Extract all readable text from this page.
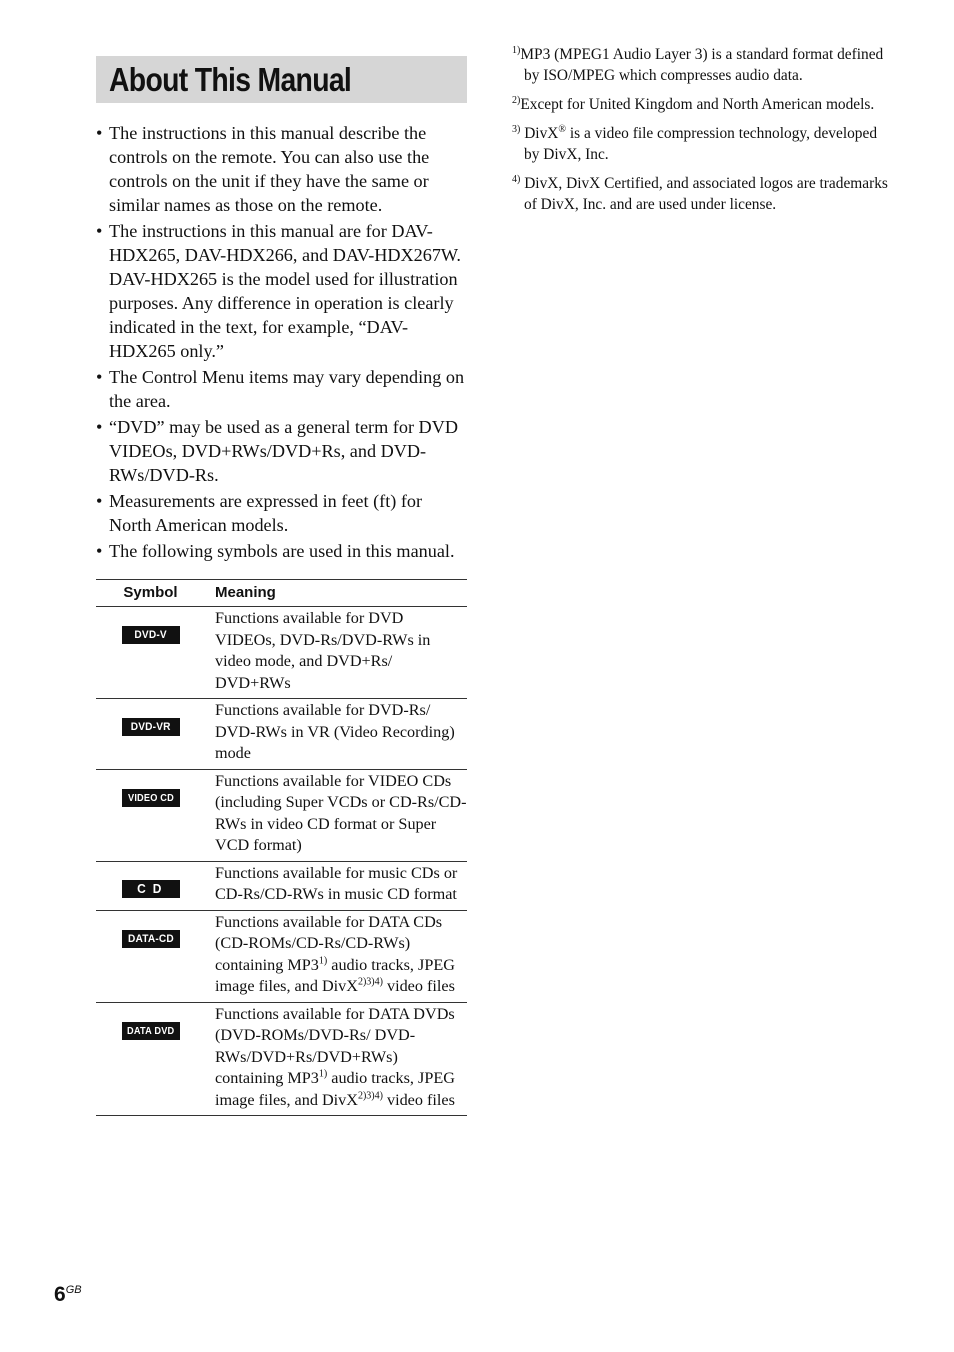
About This Manual
• The instructions in this manual describe the controls on the remote. You can also use the controls on the unit if they have the same or similar names as those on the remote.
• The instructions in this manual are for DAV-HDX265, DAV-HDX266, and DAV-HDX267W. DAV-HDX265 is the model used for illustration purposes. Any difference in operation is clearly indicated in the text, for example, “DAV-HDX265 only.”
• The Control Menu items may vary depending on the area.
• “DVD” may be used as a general term for DVD VIDEOs, DVD+RWs/DVD+Rs, and DVD-RWs/DVD-Rs.
• Measurements are expressed in feet (ft) for North American models.
• The following symbols are used in this manual.
Symbol	Meaning
DVD-V	Functions available for DVD VIDEOs, DVD-Rs/DVD-RWs in video mode, and DVD+Rs/ DVD+RWs
DVD-VR	Functions available for DVD-Rs/ DVD-RWs in VR (Video Recording) mode
VIDEO CD	Functions available for VIDEO CDs (including Super VCDs or CD-Rs/CD-RWs in video CD format or Super VCD format)
C D	Functions available for music CDs or CD-Rs/CD-RWs in music CD format
DATA-CD	Functions available for DATA CDs (CD-ROMs/CD-Rs/CD-RWs) containing MP3$^{1)}$ audio tracks, JPEG image files, and DivX$^{2)3)4)}$ video files
DATA DVD	Functions available for DATA DVDs (DVD-ROMs/DVD-Rs/ DVD-RWs/DVD+Rs/DVD+RWs) containing MP3$^{1)}$ audio tracks, JPEG image files, and DivX$^{2)3)4)}$ video files
$^{1)}$MP3 (MPEG1 Audio Layer 3) is a standard format defined by ISO/MPEG which compresses audio data.
$^{2)}$Except for United Kingdom and North American models.
$^{3)}$ DivX® is a video file compression technology, developed by DivX, Inc.
$^{4)}$ DivX, DivX Certified, and associated logos are trademarks of DivX, Inc. and are used under license.
$6^{GB}$
